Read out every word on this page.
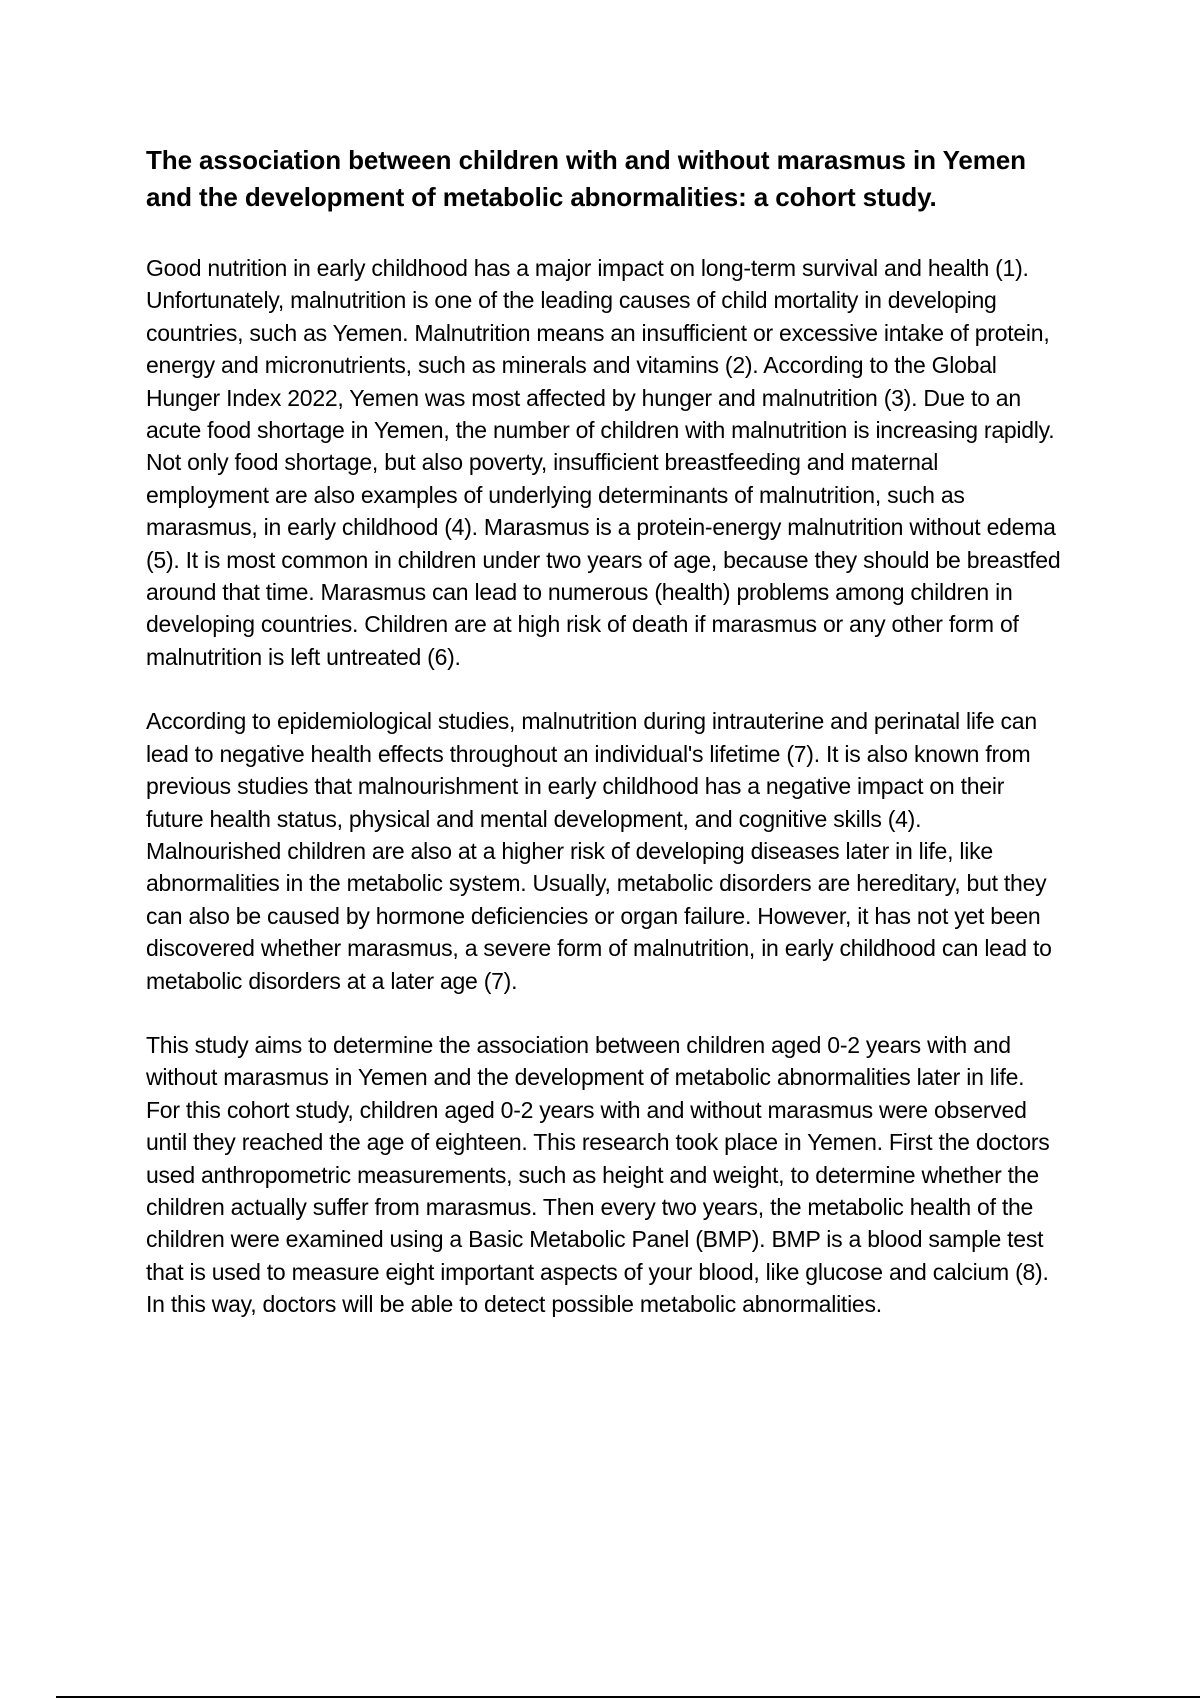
The association between children with and without marasmus in Yemen and the development of metabolic abnormalities: a cohort study.

Good nutrition in early childhood has a major impact on long-term survival and health (1). Unfortunately, malnutrition is one of the leading causes of child mortality in developing countries, such as Yemen. Malnutrition means an insufficient or excessive intake of protein, energy and micronutrients, such as minerals and vitamins (2). According to the Global Hunger Index 2022, Yemen was most affected by hunger and malnutrition (3). Due to an acute food shortage in Yemen, the number of children with malnutrition is increasing rapidly. Not only food shortage, but also poverty, insufficient breastfeeding and maternal employment are also examples of underlying determinants of malnutrition, such as marasmus, in early childhood (4). Marasmus is a protein-energy malnutrition without edema (5). It is most common in children under two years of age, because they should be breastfed around that time. Marasmus can lead to numerous (health) problems among children in developing countries. Children are at high risk of death if marasmus or any other form of malnutrition is left untreated (6).

According to epidemiological studies, malnutrition during intrauterine and perinatal life can lead to negative health effects throughout an individual's lifetime (7). It is also known from previous studies that malnourishment in early childhood has a negative impact on their future health status, physical and mental development, and cognitive skills (4). Malnourished children are also at a higher risk of developing diseases later in life, like abnormalities in the metabolic system. Usually, metabolic disorders are hereditary, but they can also be caused by hormone deficiencies or organ failure. However, it has not yet been discovered whether marasmus, a severe form of malnutrition, in early childhood can lead to metabolic disorders at a later age (7).

This study aims to determine the association between children aged 0-2 years with and without marasmus in Yemen and the development of metabolic abnormalities later in life. For this cohort study, children aged 0-2 years with and without marasmus were observed until they reached the age of eighteen. This research took place in Yemen. First the doctors used anthropometric measurements, such as height and weight, to determine whether the children actually suffer from marasmus. Then every two years, the metabolic health of the children were examined using a Basic Metabolic Panel (BMP). BMP is a blood sample test that is used to measure eight important aspects of your blood, like glucose and calcium (8). In this way, doctors will be able to detect possible metabolic abnormalities.
